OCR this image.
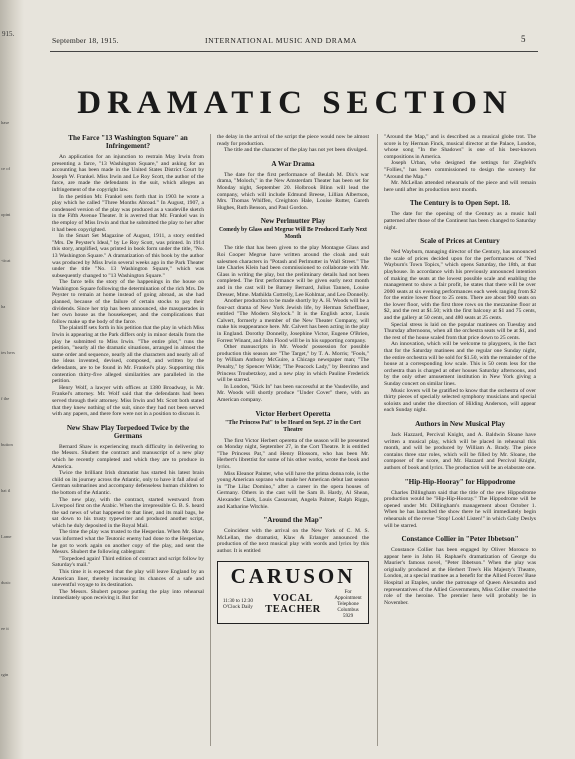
915.
hase
ce of
opini
-ticat
ha
ies hers
f the
bution
hat tl
Lame
dusic
ee it
rgin
September 18, 1915.	INTERNATIONAL MUSIC AND DRAMA	5
DRAMATIC SECTION
The Farce "13 Washington Square" an Infringement?

An application for an injunction to restrain May Irwin from presenting a farce, "13 Washington Square," and asking for an accounting has been made in the United States District Court by Joseph W. Frankel. Miss Irwin and Le Roy Scott, the author of the farce, are made the defendants in the suit, which alleges an infringement of the copyright law.

In the petition Mr. Frankel sets forth that in 1903 he wrote a play which he called "Three Months Abroad." In August, 1907, a condensed version of the play was produced as a vaudeville sketch in the Fifth Avenue Theater. It is averred that Mr. Frankel was in the employ of Miss Irwin and that he submitted the play to her after it had been copyrighted.

In the Smart Set Magazine of August, 1911, a story entitled "Mrs. De Peyster's Ideal," by Le Roy Scott, was printed. In 1914 this story, amplified, was printed in book form under the title, "No. 13 Washington Square." A dramatization of this book by the author was produced by Miss Irwin several weeks ago in the Park Theater under the title "No. 13 Washington Square," which was subsequently changed to "13 Washington Square."

The farce tells the story of the happenings in the house on Washington Square following the determination of the rich Mrs. De Peyster to remain at home instead of going abroad, as she had planned, because of the failure of certain stocks to pay their dividends. Since her trip has been announced, she masquerades in her own house as the housekeeper, and the complications that follow make up the body of the farce.

The plaintiff sets forth in his petition that the play in which Miss Irwin is appearing at the Park differs only in minor details from the play he submitted to Miss Irwin. "The entire plot," runs the petition, "nearly all the dramatic situations, arranged in almost the same order and sequence, nearly all the characters and nearly all of the ideas invented, devised, composed, and written by the defendants, are to be found in Mr. Frankel's play. Supporting this contention thirty-five alleged similarities are paralleled in the petition.

Henry Wolf, a lawyer with offices at 1380 Broadway, is Mr. Frankel's attorney. Mr. Wolf said that the defendants had been served through their attorney. Miss Irwin and Mr. Scott both stated that they knew nothing of the suit, since they had not been served with any papers, and there fore were not in a position to discuss it.

New Shaw Play Torpedoed Twice by the Germans

Bernard Shaw is experiencing much difficulty in delivering to the Messrs. Shubert the contract and manuscript of a new play which he recently completed and which they are to produce in America.

Twice the brilliant Irish dramatist has started his latest brain child on its journey across the Atlantic, only to have it fall afoul of German submarines and accompany defenseless human children to the bottom of the Atlantic.

The new play, with the contract, started westward from Liverpool first on the Arabic. When the irrepressible G. B. S. heard the sad news of what happened to that liner, and its mail bags, he sat down to his trusty typewriter and produced another script, which he duly deposited in the Royal Mail.

The time the play was trusted to the Hesperian. When Mr. Shaw was informed what the Teutonic enemy had done to the Hesperian, he got to work again on another copy of the play, and sent the Messrs. Shubert the following cablegram:

"Torpedoed again! Third edition of contract and script follow by Saturday's mail."

This time it is expected that the play will leave England by an American liner, thereby increasing its chances of a safe and uneventful voyage to its destination.

The Messrs. Shubert purpose putting the play into rehearsal immediately upon receiving it. But for

the delay in the arrival of the script the piece would now be almost ready for production.

The title and the character of the play has not yet been divulged.

A War Drama

The date for the first performance of Beulah M. Dix's war drama, "Moloch," in the New Amsterdam Theater has been set for Monday night, September 20. Holbrook Blinn will lead the company, which will include Edmund Breese, Lillian Albertson, Mrs. Thomas Whiffen, Creighton Hale, Louise Rutter, Gareth Hughes, Ruth Benson, and Paul Gordon.

New Perlmutter Play
Comedy by Glass and Megrue Will Be Produced Early Next Month

The title that has been given to the play Montague Glass and Roi Cooper Megrue have written around the cloak and suit salesmen characters in "Potash and Perlmutter in Wall Street." The late Charles Klein had been commissioned to collaborate with Mr. Glass in writing the play, but the preliminary details had not been completed. The first performance will be given early next month and in the cast will be Barney Bernard, Julius Tannen, Louise Dresser, Mme. Mathilda Cottrelly, Lee Kohlmar, and Leo Donnelly.

Another production to be made shortly by A. H. Woods will be a four-act drama of New York Jewish life, by Herman Scheffauer, entitled "The Modern Shylock." It is the English actor, Louis Calvert, formerly a member of the New Theater Company, will make his reappearance here. Mr. Calvert has been acting in the play in England. Dorothy Donnelly, Josephine Victor, Eugene O'Brien, Forrest Winant, and John Flood will be in his supporting company.

Other manuscripts in Mr. Woods' possession for possible production this season are "The Target," by T. A. Morris; "Fools," by William Anthony McGuire, a Chicago newspaper man; "The Penalty," by Spencer Wilde; "The Peacock Lady," by Benrimo and Princess Troubetzkoy, and a new play in which Pauline Frederick will be starred.

In London, "Kick In" has been successful at the Vaudeville, and Mr. Woods will shortly produce "Under Cover" there, with an American company.

Victor Herbert Operetta
"The Princess Pat" to be Heard on Sept. 27 in the Cort Theatre

The first Victor Herbert operetta of the season will be presented on Monday night, September 27, in the Cort Theatre. It is entitled "The Princess Pat," and Henry Blossom, who has been Mr. Herbert's librettist for some of his other works, wrote the book and lyrics.

Miss Eleanor Painter, who will have the prima donna role, is the young American soprano who made her American debut last season in "The Lilac Domino," after a career in the opera houses of Germany. Others in the cast will be Sam B. Hardy, Al Shean, Alexander Clark, Louis Cassavant, Angela Palmer, Ralph Riggs, and Katharine Witchie.

"Around the Map"

Coincident with the arrival on the New York of C. M. S. McLellan, the dramatist, Klaw & Erlanger announced the production of the next musical play with words and lyrics by this author. It is entitled

CARUSON
11:30 to 12:30 O'Clock Daily
VOCAL TEACHER
For Appointment Telephone Columbus 5929

"Around the Map," and is described as a musical globe trot. The score is by Herman Finck, musical director at the Palace, London, whose song "In the Shadows" is one of his best-known compositions in America.

Joseph Urban, who designed the settings for Ziegfeld's "Follies," has been commissioned to design the scenery for "Around the Map."

Mr. McLellan attended rehearsals of the piece and will remain here until after its production next month.

The Century is to Open Sept. 18.

The date for the opening of the Century as a music hall patterned after those of the Continent has been changed to Saturday night.

Scale of Prices at Century

Ned Wayburn, managing director of the Century, has announced the scale of prices decided upon for the performances of "Ned Wayburn's Town Topics," which opens Saturday, the 18th, at that playhouse. In accordance with his previously announced intention of making the seats at the lowest possible scale and enabling the management to show a fair profit, he states that there will be over 2000 seats at six evening performances each week ranging from $2 for the entire lower floor to 25 cents. There are about 900 seats on the lower floor, with the first three rows on the mezzanine floor at $2, and the rest at $1.50; with the first balcony at $1 and 75 cents, and the gallery at 50 cents, and 480 seats at 25 cents.

Special stress is laid on the popular matinees on Tuesday and Thursday afternoons, when all the orchestra seats will be at $1, and the rest of the house scaled from that price down to 25 cents.

An innovation, which will be welcome to playgoers, is the fact that for the Saturday matinees and the regular one Sunday night, the entire orchestra will be sold for $1.50, with the remainder of the house at a corresponding low scale. This is 50 cents less for the orchestra than is charged at other houses Saturday afternoons, and by the only other amusement institution in New York giving a Sunday concert on similar lines.

Music lovers will be gratified to know that the orchestra of over thirty pieces of specially selected symphony musicians and special soloists and under the direction of Hilding Anderson, will appear each Sunday night.

Authors in New Musical Play

Jack Hazzard, Percival Knight, and A. Baldwin Sloane have written a musical play, which will be placed in rehearsal this month, and will be produced by William A. Brady. The piece contains three star roles, which will be filled by Mr. Sloane, the composer of the score, and Mr. Hazzard and Percival Knight, authors of book and lyrics. The production will be an elaborate one.

"Hip-Hip-Hooray" for Hippodrome

Charles Dillingham said that the title of the new Hippodrome production would be "Hip-Hip-Hooray." The Hippodrome will be opened under Mr. Dillingham's management about October 1. When he has launched the show there he will immediately begin rehearsals of the revue "Stop! Look! Listen!" in which Gaby Deslys will be starred.

Constance Collier in "Peter Ibbetson"

Constance Collier has been engaged by Oliver Morosco to appear here in John H. Raphael's dramatization of George du Maurier's famous novel, "Peter Ibbetson." When the play was originally produced at the Herbert Tree's His Majesty's Theatre, London, at a special matinee as a benefit for the Allied Forces' Base Hospital at Etaples, under the patronage of Queen Alexandra and representatives of the Allied Governments, Miss Collier created the role of the heroine. The premier here will probably be in November.
